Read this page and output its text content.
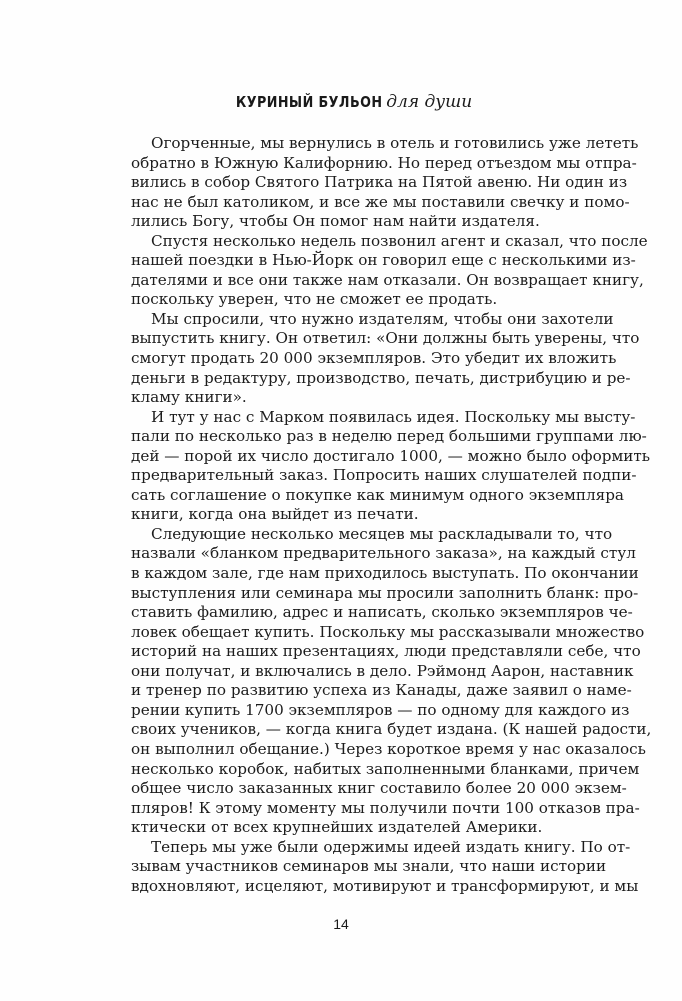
КУРИНЫЙ БУЛЬОН для души
Огорченные, мы вернулись в отель и готовились уже лететь
обратно в Южную Калифорнию. Но перед отъездом мы отпра-
вились в собор Святого Патрика на Пятой авеню. Ни один из
нас не был католиком, и все же мы поставили свечку и помо-
лились Богу, чтобы Он помог нам найти издателя.
Спустя несколько недель позвонил агент и сказал, что после
нашей поездки в Нью-Йорк он говорил еще с несколькими из-
дателями и все они также нам отказали. Он возвращает книгу,
поскольку уверен, что не сможет ее продать.
Мы спросили, что нужно издателям, чтобы они захотели
выпустить книгу. Он ответил: «Они должны быть уверены, что
смогут продать 20 000 экземпляров. Это убедит их вложить
деньги в редактуру, производство, печать, дистрибуцию и ре-
кламу книги».
И тут у нас с Марком появилась идея. Поскольку мы высту-
пали по несколько раз в неделю перед большими группами лю-
дей — порой их число достигало 1000, — можно было оформить
предварительный заказ. Попросить наших слушателей подпи-
сать соглашение о покупке как минимум одного экземпляра
книги, когда она выйдет из печати.
Следующие несколько месяцев мы раскладывали то, что
назвали «бланком предварительного заказа», на каждый стул
в каждом зале, где нам приходилось выступать. По окончании
выступления или семинара мы просили заполнить бланк: про-
ставить фамилию, адрес и написать, сколько экземпляров че-
ловек обещает купить. Поскольку мы рассказывали множество
историй на наших презентациях, люди представляли себе, что
они получат, и включались в дело. Рэймонд Аарон, наставник
и тренер по развитию успеха из Канады, даже заявил о наме-
рении купить 1700 экземпляров — по одному для каждого из
своих учеников, — когда книга будет издана. (К нашей радости,
он выполнил обещание.) Через короткое время у нас оказалось
несколько коробок, набитых заполненными бланками, причем
общее число заказанных книг составило более 20 000 экзем-
пляров! К этому моменту мы получили почти 100 отказов пра-
ктически от всех крупнейших издателей Америки.
Теперь мы уже были одержимы идеей издать книгу. По от-
зывам участников семинаров мы знали, что наши истории
вдохновляют, исцеляют, мотивируют и трансформируют, и мы
14
